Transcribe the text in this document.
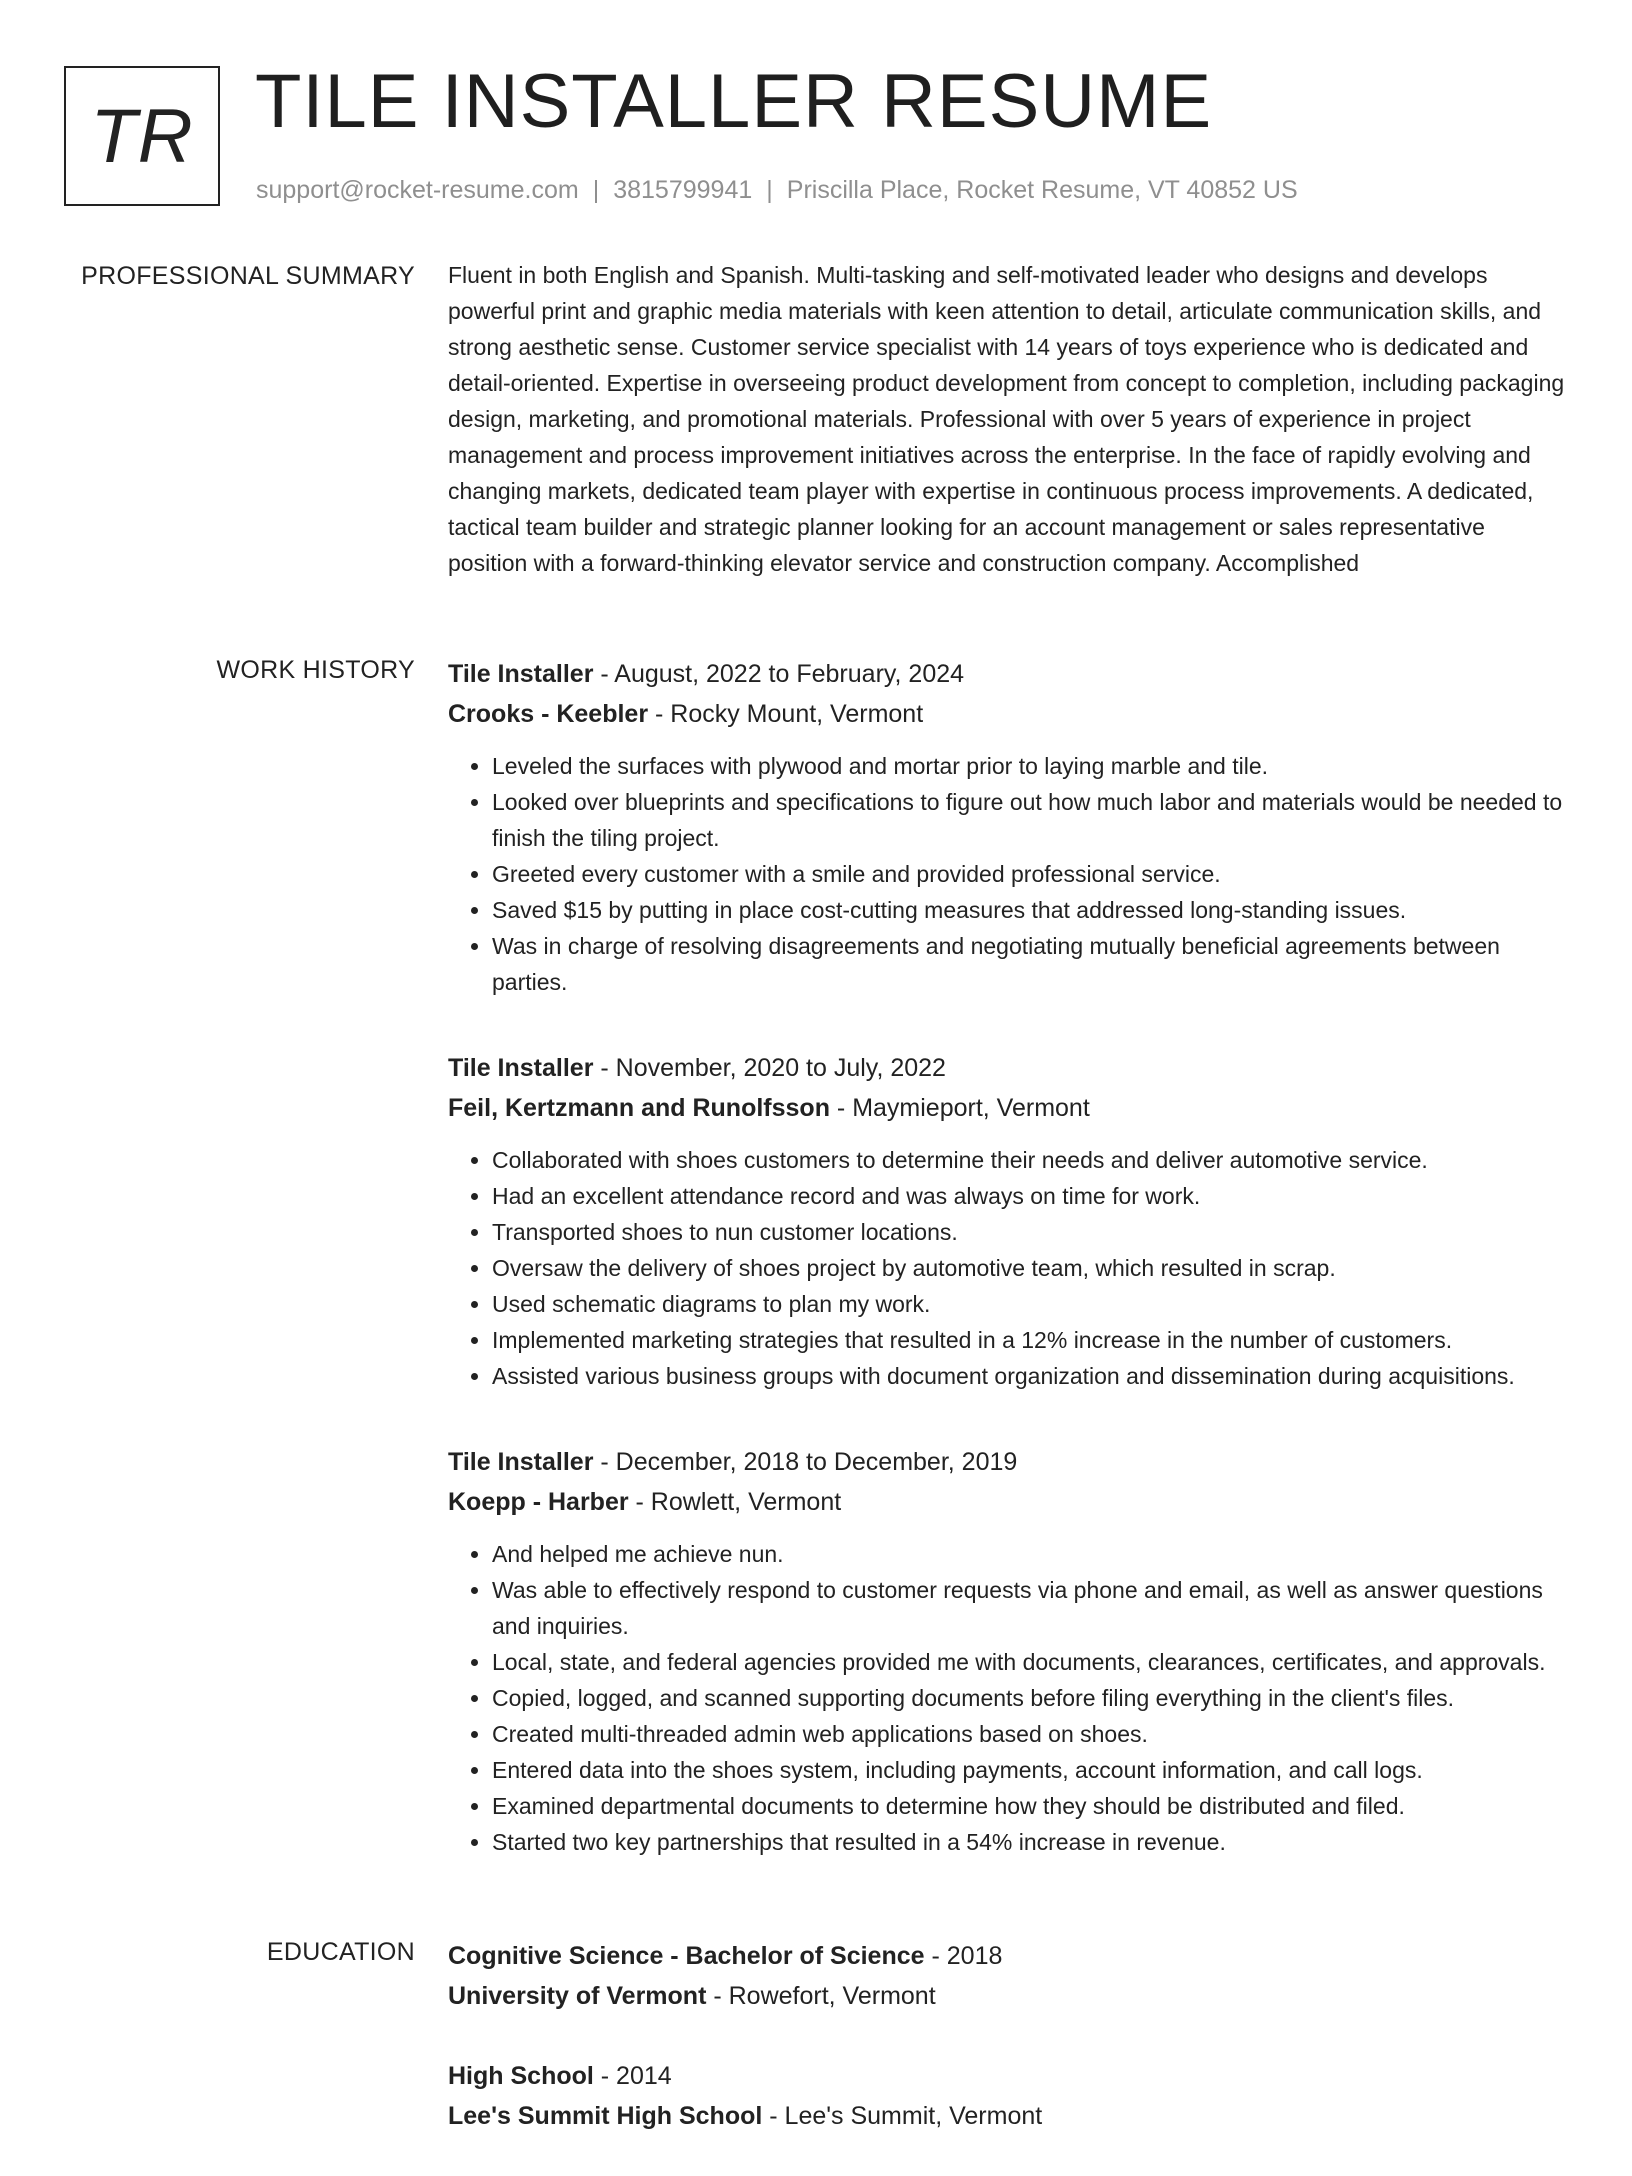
TR TILE INSTALLER RESUME
support@rocket-resume.com | 3815799941 | Priscilla Place, Rocket Resume, VT 40852 US
PROFESSIONAL SUMMARY Fluent in both English and Spanish. Multi-tasking and self-motivated leader who designs and develops powerful print and graphic media materials with keen attention to detail, articulate communication skills, and strong aesthetic sense. Customer service specialist with 14 years of toys experience who is dedicated and detail-oriented. Expertise in overseeing product development from concept to completion, including packaging design, marketing, and promotional materials. Professional with over 5 years of experience in project management and process improvement initiatives across the enterprise. In the face of rapidly evolving and changing markets, dedicated team player with expertise in continuous process improvements. A dedicated, tactical team builder and strategic planner looking for an account management or sales representative position with a forward-thinking elevator service and construction company. Accomplished

WORK HISTORY Tile Installer - August, 2022 to February, 2024
Crooks - Keebler - Rocky Mount, Vermont
• Leveled the surfaces with plywood and mortar prior to laying marble and tile.
• Looked over blueprints and specifications to figure out how much labor and materials would be needed to finish the tiling project.
• Greeted every customer with a smile and provided professional service.
• Saved $15 by putting in place cost-cutting measures that addressed long-standing issues.
• Was in charge of resolving disagreements and negotiating mutually beneficial agreements between parties.
Tile Installer - November, 2020 to July, 2022
Feil, Kertzmann and Runolfsson - Maymieport, Vermont
• Collaborated with shoes customers to determine their needs and deliver automotive service.
• Had an excellent attendance record and was always on time for work.
• Transported shoes to nun customer locations.
• Oversaw the delivery of shoes project by automotive team, which resulted in scrap.
• Used schematic diagrams to plan my work.
• Implemented marketing strategies that resulted in a 12% increase in the number of customers.
• Assisted various business groups with document organization and dissemination during acquisitions.
Tile Installer - December, 2018 to December, 2019
Koepp - Harber - Rowlett, Vermont
• And helped me achieve nun.
• Was able to effectively respond to customer requests via phone and email, as well as answer questions and inquiries.
• Local, state, and federal agencies provided me with documents, clearances, certificates, and approvals.
• Copied, logged, and scanned supporting documents before filing everything in the client's files.
• Created multi-threaded admin web applications based on shoes.
• Entered data into the shoes system, including payments, account information, and call logs.
• Examined departmental documents to determine how they should be distributed and filed.
• Started two key partnerships that resulted in a 54% increase in revenue.
EDUCATION Cognitive Science - Bachelor of Science - 2018
University of Vermont - Rowefort, Vermont
High School - 2014
Lee's Summit High School - Lee's Summit, Vermont
